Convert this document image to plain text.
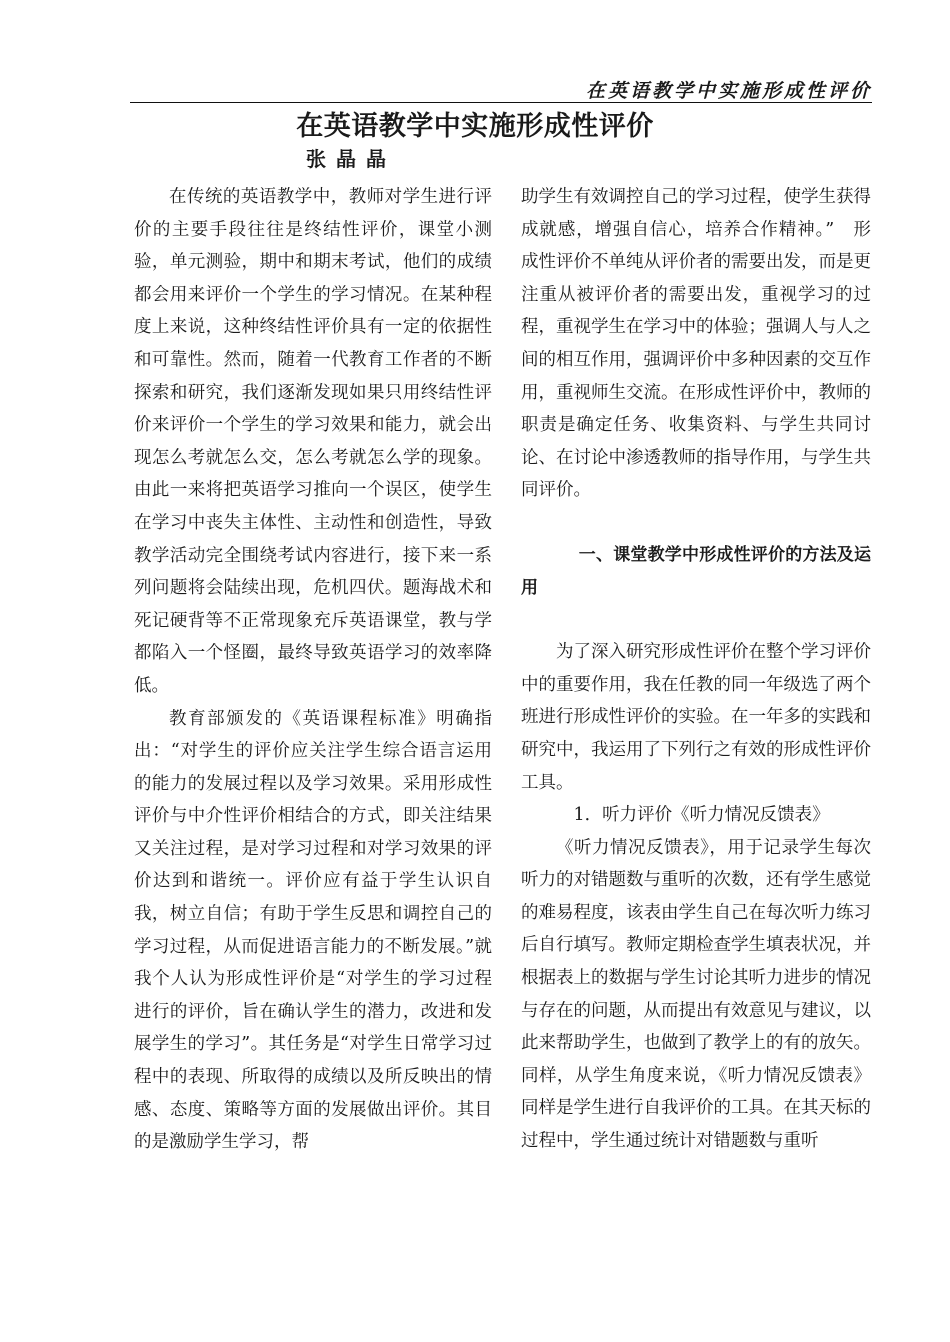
在英语教学中实施形成性评价
在英语教学中实施形成性评价
张晶晶

在传统的英语教学中，教师对学生进行评价的主要手段往往是终结性评价，课堂小测验，单元测验，期中和期末考试，他们的成绩都会用来评价一个学生的学习情况。在某种程度上来说，这种终结性评价具有一定的依据性和可靠性。然而，随着一代教育工作者的不断探索和研究，我们逐渐发现如果只用终结性评价来评价一个学生的学习效果和能力，就会出现怎么考就怎么交，怎么考就怎么学的现象。由此一来将把英语学习推向一个误区，使学生在学习中丧失主体性、主动性和创造性，导致教学活动完全围绕考试内容进行，接下来一系列问题将会陆续出现，危机四伏。题海战术和死记硬背等不正常现象充斥英语课堂，教与学都陷入一个怪圈，最终导致英语学习的效率降低。

教育部颁发的《英语课程标准》明确指出：“对学生的评价应关注学生综合语言运用的能力的发展过程以及学习效果。采用形成性评价与中介性评价相结合的方式，即关注结果又关注过程，是对学习过程和对学习效果的评价达到和谐统一。评价应有益于学生认识自我，树立自信；有助于学生反思和调控自己的学习过程，从而促进语言能力的不断发展。”就我个人认为形成性评价是“对学生的学习过程进行的评价，旨在确认学生的潜力，改进和发展学生的学习”。其任务是“对学生日常学习过程中的表现、所取得的成绩以及所反映出的情感、态度、策略等方面的发展做出评价。其目的是激励学生学习，帮

助学生有效调控自己的学习过程，使学生获得成就感，增强自信心，培养合作精神。”　形成性评价不单纯从评价者的需要出发，而是更注重从被评价者的需要出发，重视学习的过程，重视学生在学习中的体验；强调人与人之间的相互作用，强调评价中多种因素的交互作用，重视师生交流。在形成性评价中，教师的职责是确定任务、收集资料、与学生共同讨论、在讨论中渗透教师的指导作用，与学生共同评价。

一、课堂教学中形成性评价的方法及运用

为了深入研究形成性评价在整个学习评价中的重要作用，我在任教的同一年级选了两个班进行形成性评价的实验。在一年多的实践和研究中，我运用了下列行之有效的形成性评价工具。

1．听力评价《听力情况反馈表》

《听力情况反馈表》，用于记录学生每次听力的对错题数与重听的次数，还有学生感觉的难易程度，该表由学生自己在每次听力练习后自行填写。教师定期检查学生填表状况，并根据表上的数据与学生讨论其听力进步的情况与存在的问题，从而提出有效意见与建议，以此来帮助学生，也做到了教学上的有的放矢。同样，从学生角度来说，《听力情况反馈表》同样是学生进行自我评价的工具。在其天标的过程中，学生通过统计对错题数与重听
